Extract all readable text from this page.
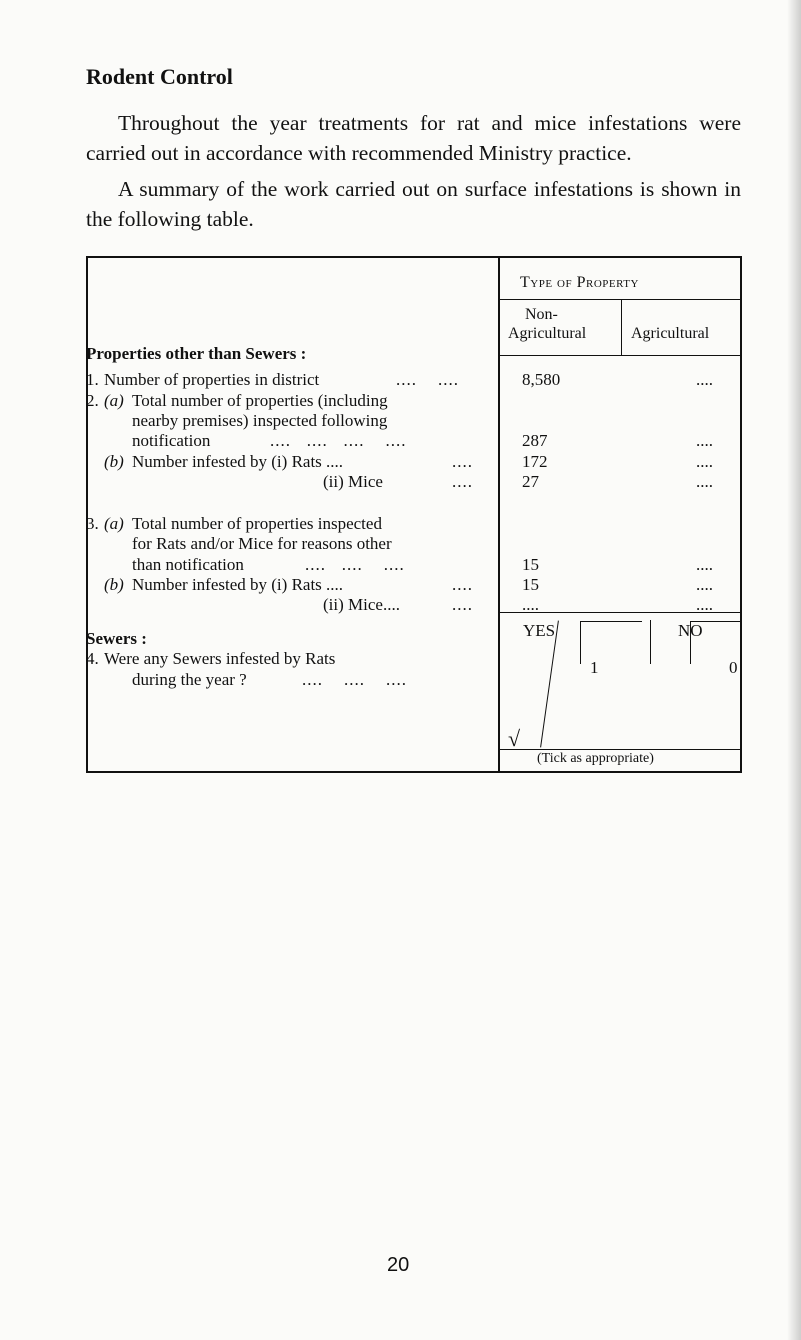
Rodent Control

Throughout the year treatments for rat and mice infestations were carried out in accordance with recommended Ministry practice.

A summary of the work carried out on surface infestations is shown in the following table.

Type of Property
Non-
Agricultural	Agricultural
Properties other than Sewers :
1. Number of properties in district	....    ....	8,580	....
2. (a) Total number of properties (including
nearby premises) inspected following
notification	....   ....   ....    ....	287	....
(b) Number infested by (i) Rats ....	....	172	....
(ii) Mice	....	27	....
3. (a) Total number of properties inspected
for Rats and/or Mice for reasons other
than notification	....   ....    ....	15	....
(b) Number infested by (i) Rats ....	....	15	....
(ii) Mice....	....	....	....
Sewers :
4. Were any Sewers infested by Rats
during the year ?	....    ....    ....
YES	NO
√
1	0
(Tick as appropriate)
20
